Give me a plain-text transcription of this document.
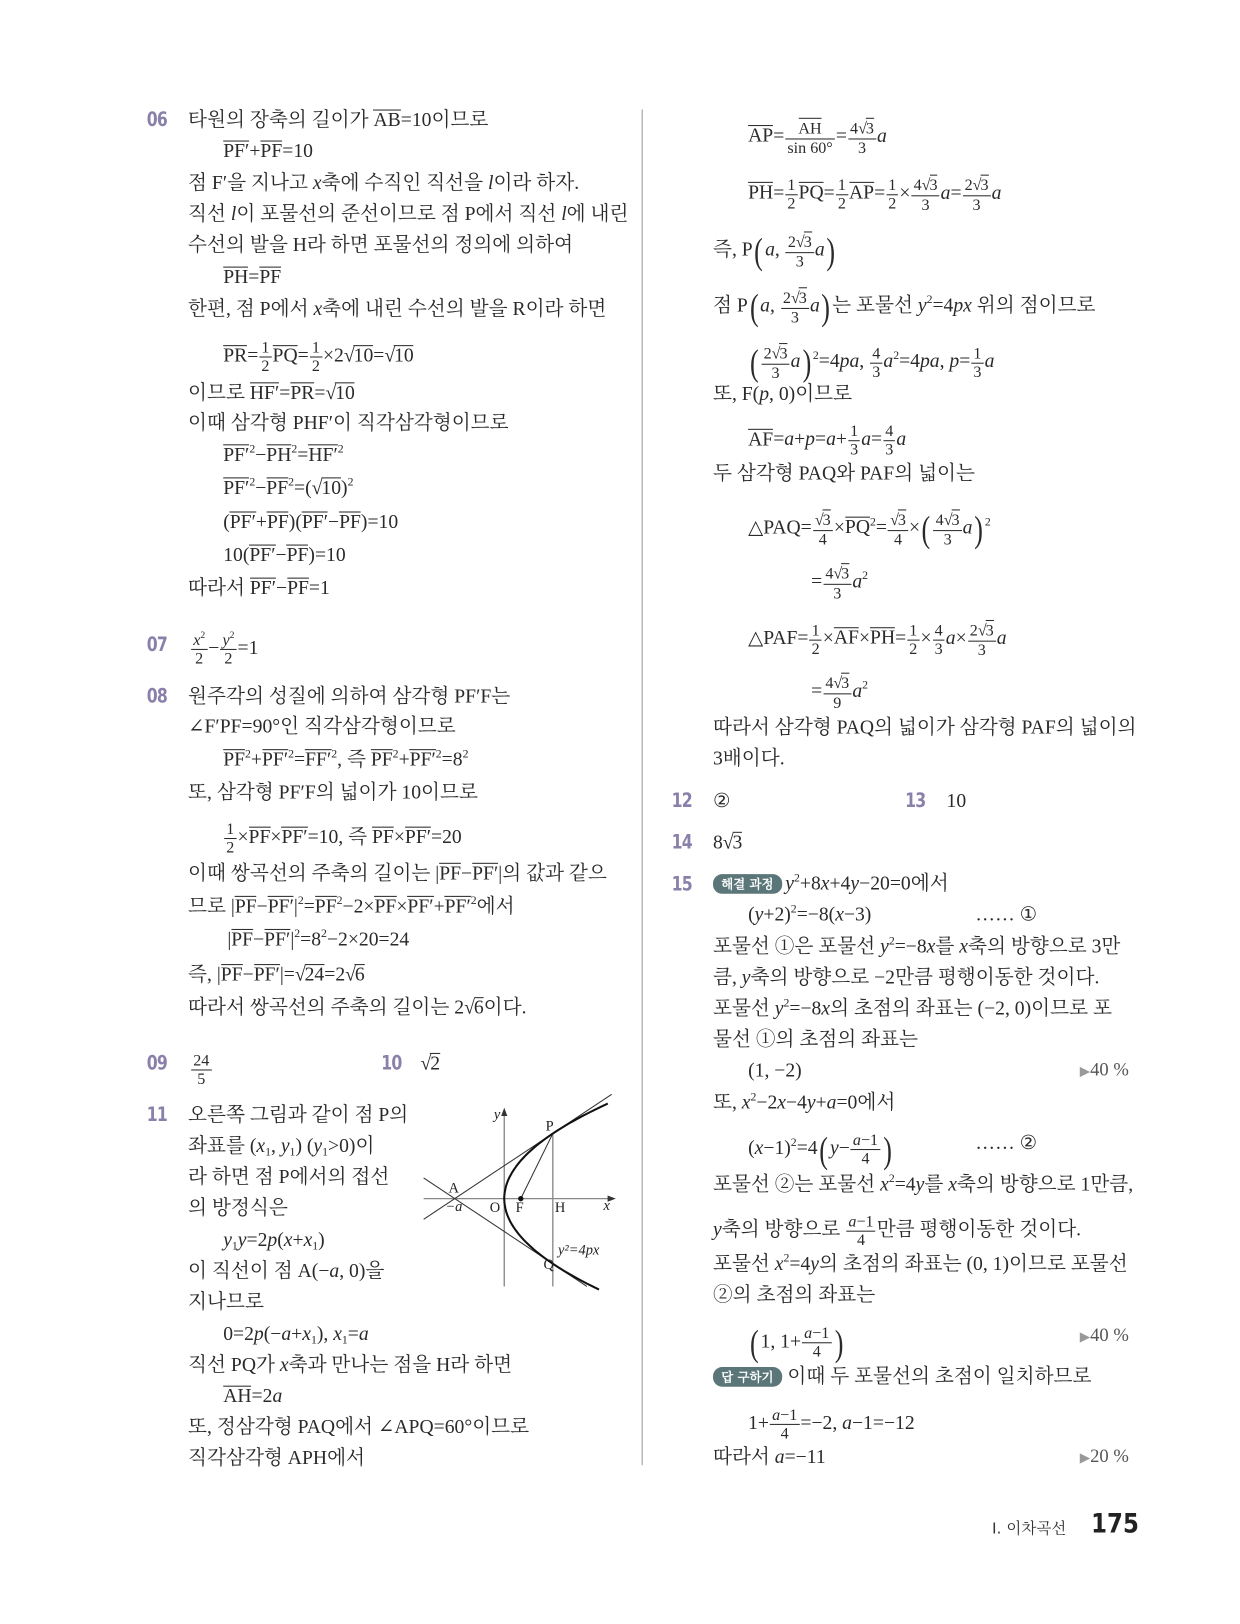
06 타원의 장축의 길이가 AB=10이므로
PF′+PF=10
점 F′을 지나고 x축에 수직인 직선을 l이라 하자.
직선 l이 포물선의 준선이므로 점 P에서 직선 l에 내린
수선의 발을 H라 하면 포물선의 정의에 의하여
PH=PF
한편, 점 P에서 x축에 내린 수선의 발을 R이라 하면
$PR= \frac{1}{2} PQ= \frac{1}{2} \times 2√10=√10$
이므로 HF′=PR=√10
이때 삼각형 PHF′이 직각삼각형이므로
$PF'^2-PH^2=HF'^2$
$PF'^2-PF^2=(√10)^2$
(PF′+PF)(PF′−PF)=10
10(PF′−PF)=10
따라서 PF′−PF=1
$07 \frac{x^2}{2} - \frac{y^2}{2} =1$
08 원주각의 성질에 의하여 삼각형 PF′F는
∠F′PF=90°인 직각삼각형이므로
$PF^2+PF'^2=FF'^2$, 즉 $PF^2+PF'^2=8^2$
또, 삼각형 PF′F의 넓이가 10이므로
$\frac{1}{2} \times PF\times PF'=10$, 즉 PF×PF′=20
이때 쌍곡선의 주축의 길이는 |PF−PF′|의 값과 같으
므로 $|PF-PF'|^2=PF^2-2\times PF\times PF'+PF'^2$에서
$|PF-PF'|^2=8^2-2\times 20=24$
즉, |PF−PF′|=√24=2√6
따라서 쌍곡선의 주축의 길이는 2√6이다.
$09 \frac{24}{5}$	10 √2
11 오른쪽 그림과 같이 점 P의
좌표를 ($x_1$, $y_1$) $(y_1>0)$이
라 하면 점 P에서의 접선
의 방정식은
$y_1y=2p(x+x_1)$
이 직선이 점 A(−a, 0)을
지나므로
$0=2p(-a+x_1)$, $x_1=a$
직선 PQ가 x축과 만나는 점을 H라 하면
AH=2a
또, 정삼각형 PAQ에서 ∠APQ=60°이므로
직각삼각형 APH에서
y
P
A
−a O F H	x
y²=4px
Q
$AP= \frac{AH}{\sin 60^\circ} = \frac{4√3}{3}$ a
$PH= \frac{1}{2} PQ= \frac{1}{2} AP= \frac{1}{2} \times \frac{4√3}{3} a= \frac{2√3}{3}$ a
즉, P(a, $\frac{2√3}{3} a$)
점 P(a, $\frac{2√3}{3} a$)는 포물선 $y^2=4px$ 위의 점이므로
( $\frac{2√3}{3} a$) $^2$=4pa, $\frac{4}{3} a^2=4pa$, $p= \frac{1}{3}$ a
또, F(p, 0)이므로
$AF=a+p=a+ \frac{1}{3} a= \frac{4}{3}$ a
두 삼각형 PAQ와 PAF의 넓이는
△PAQ= $\frac{√3}{4} \times PQ^2= \frac{√3}{4}$ ×( $\frac{4√3}{3} a$) $^2$
= $\frac{4√3}{3} a^2$
△PAF= $\frac{1}{2} \times AF\times PH= \frac{1}{2} \times \frac{4}{3} a\times \frac{2√3}{3}$ a
= $\frac{4√3}{9} a^2$
따라서 삼각형 PAQ의 넓이가 삼각형 PAF의 넓이의
3배이다.
12 ②	13 10
14 8√3
15	해결 과정 $y^2+8x+4y-20=0$에서
$(y+2)^2=-8(x-3)$	…… ①
포물선 ①은 포물선 $y^2=-8x$를 x축의 방향으로 3만
큼, y축의 방향으로 −2만큼 평행이동한 것이다.
포물선 $y^2=-8x$의 초점의 좌표는 (−2, 0)이므로 포
물선 ①의 초점의 좌표는
(1, −2)	▶40 %
또, $x^2-2x-4y+a=0$에서
$(x-1)^2=4(y- \frac{a-1}{4}$ )	…… ②
포물선 ②는 포물선 $x^2=4y$를 x축의 방향으로 1만큼,
y축의 방향으로 $\frac{a-1}{4}$ 만큼 평행이동한 것이다.
포물선 $x^2=4y$의 초점의 좌표는 (0, 1)이므로 포물선
②의 초점의 좌표는
(1, $1+ \frac{a-1}{4}$ )	▶40 %
답 구하기 이때 두 포물선의 초점이 일치하므로
$1+ \frac{a-1}{4} =-2$, a−1=−12
따라서 a=−11	▶20 %
Ⅰ. 이차곡선 175
